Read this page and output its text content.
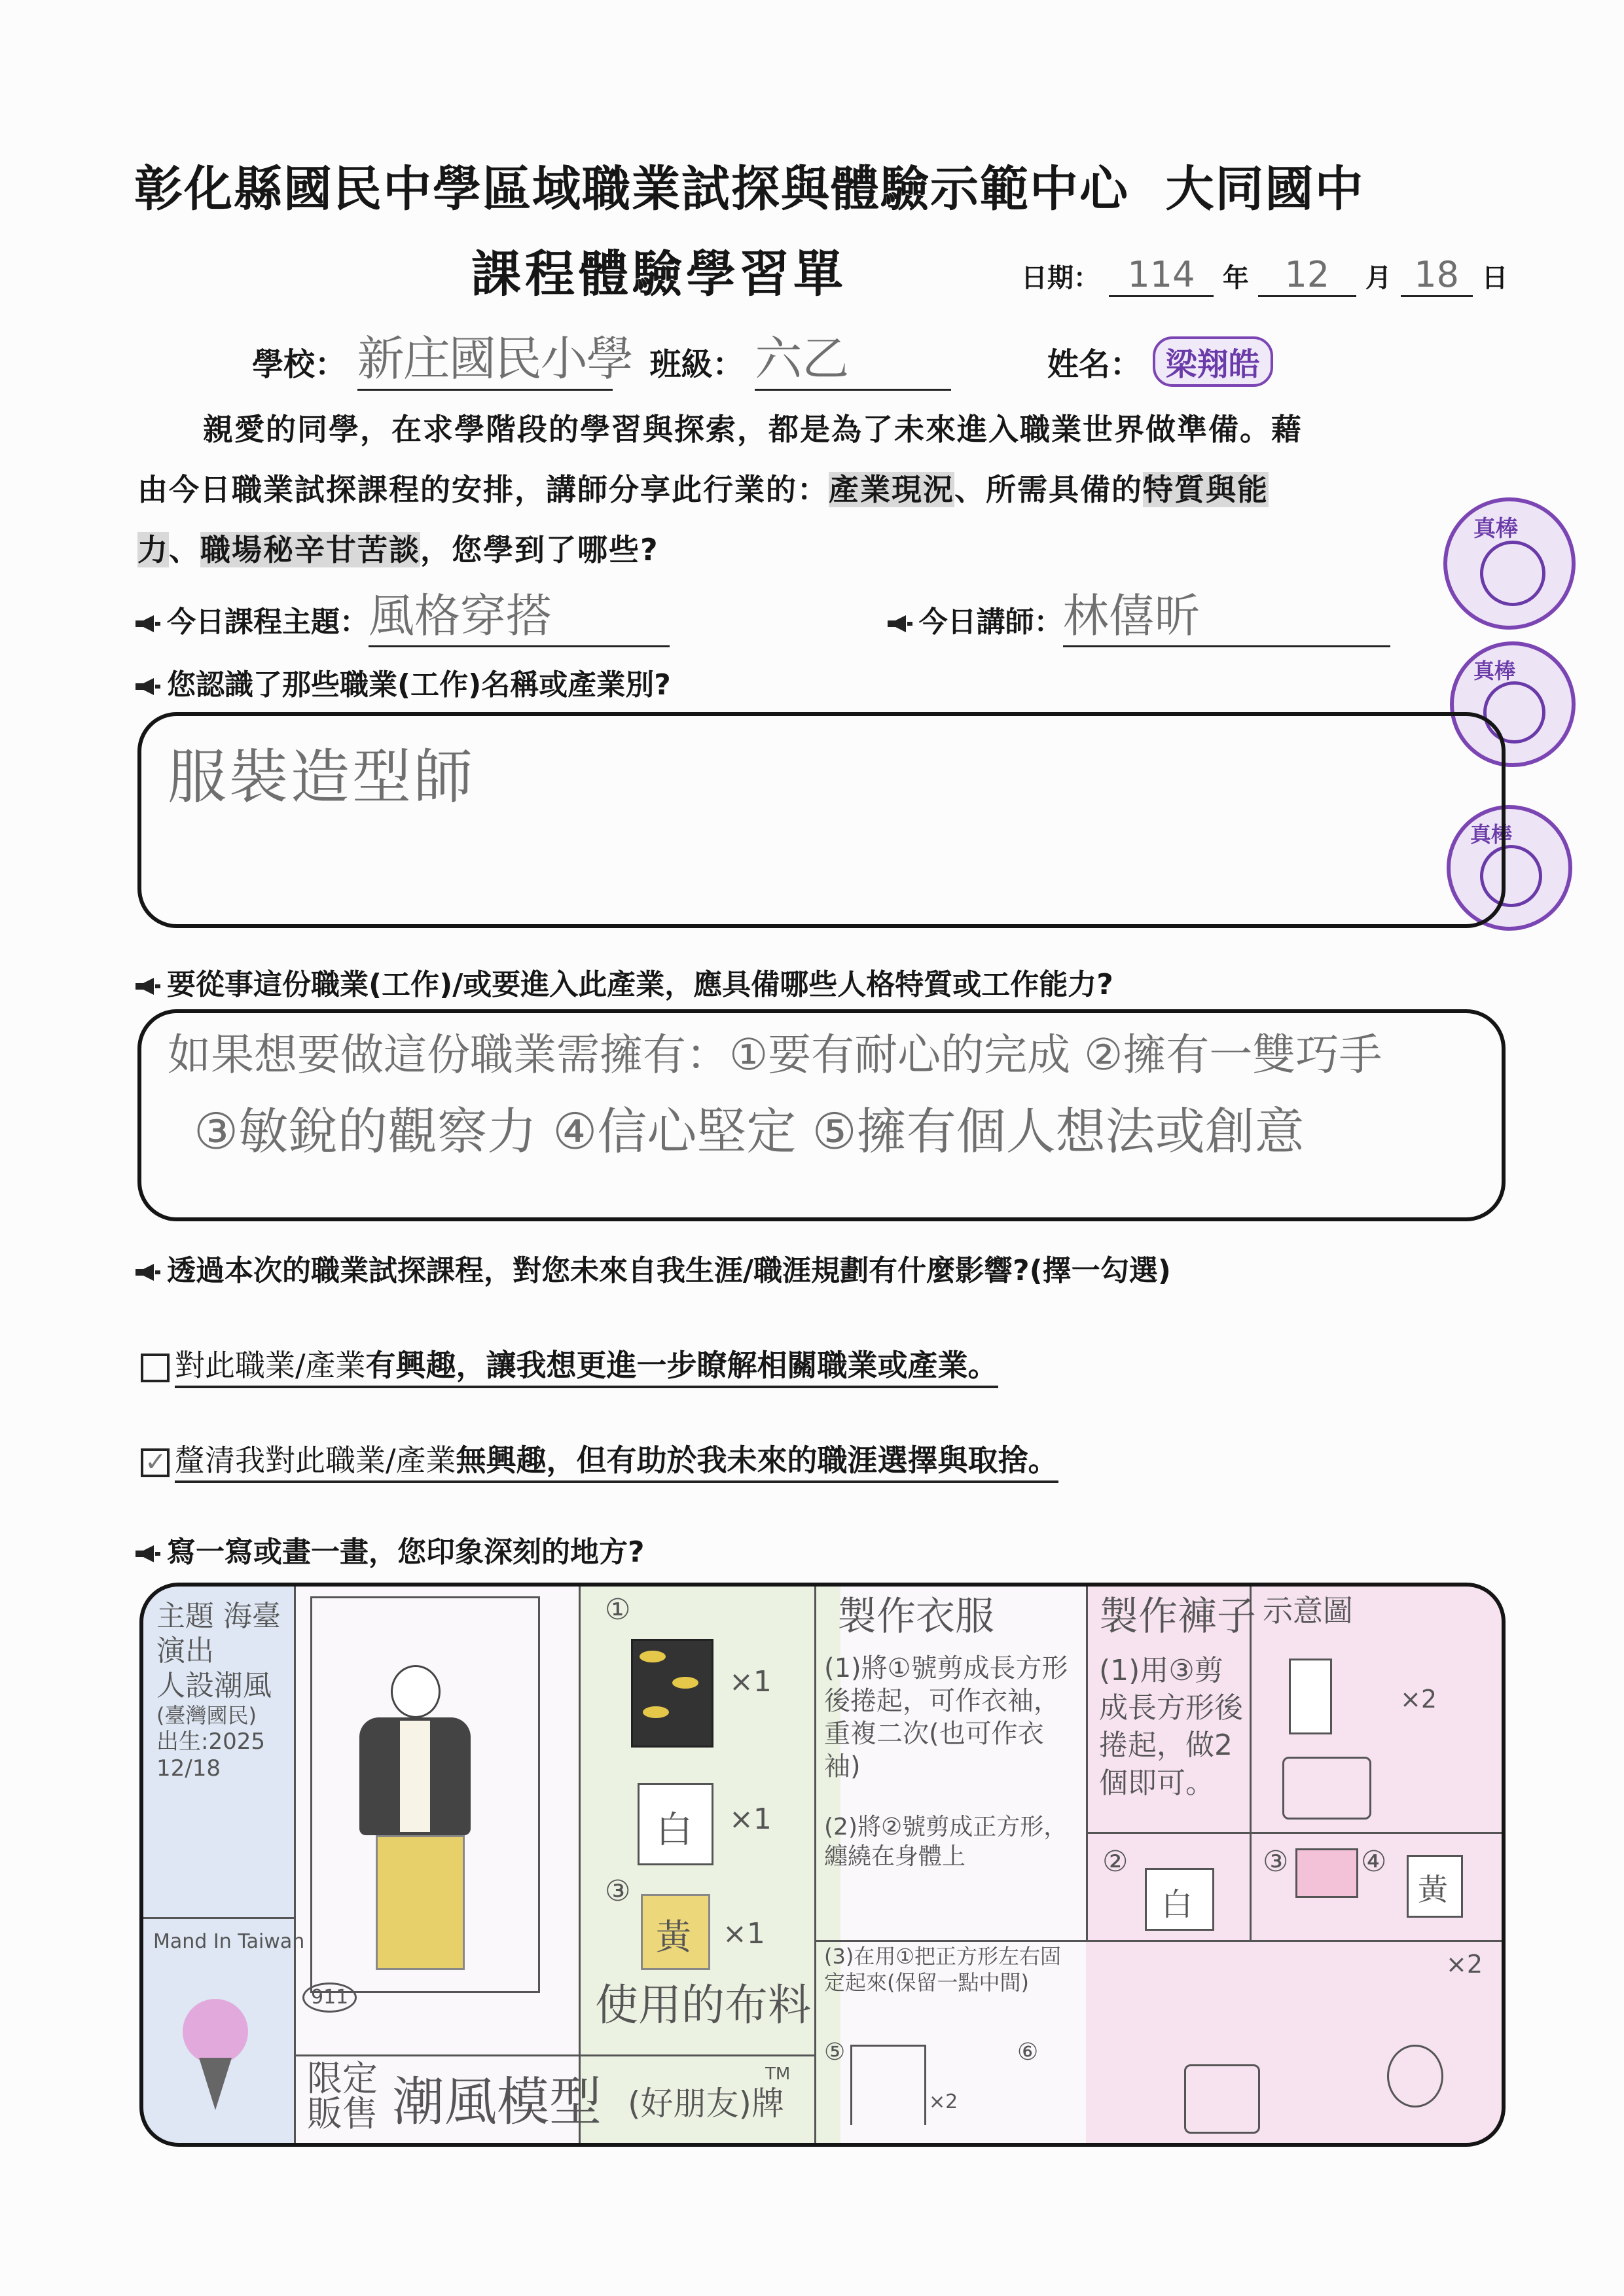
彰化縣國民中學區域職業試探與體驗示範中心  大同國中
課程體驗學習單	日期： 114 年 12 月 18 日
學校： 新庄國民小學 班級： 六乙	姓名： 梁翔皓
親愛的同學，在求學階段的學習與探索，都是為了未來進入職業世界做準備。藉
由今日職業試探課程的安排，講師分享此行業的：產業現況、所需具備的特質與能
力、職場秘辛甘苦談，您學到了哪些?
真棒
真棒
真棒
今日課程主題：風格穿搭	今日講師：林僖昕
您認識了那些職業(工作)名稱或產業別?
服裝造型師
要從事這份職業(工作)/或要進入此產業，應具備哪些人格特質或工作能力?
如果想要做這份職業需擁有：①要有耐心的完成 ②擁有一雙巧手
③敏銳的觀察力 ④信心堅定 ⑤擁有個人想法或創意
透過本次的職業試探課程，對您未來自我生涯/職涯規劃有什麼影響?(擇一勾選)
對此職業/產業有興趣，讓我想更進一步瞭解相關職業或產業。
✓ 釐清我對此職業/產業無興趣，但有助於我未來的職涯選擇與取捨。
寫一寫或畫一畫，您印象深刻的地方?
主題 海臺
演出
人設潮風
(臺灣國民)
出生:2025
12/18
Mand In Taiwan
911
限定
販售 潮風模型
①
×1
白 ×1
③
黃 ×1
使用的布料
(好朋友)牌
TM
製作衣服
(1)將①號剪成長方形後捲起，可作衣袖，重複二次(也可作衣袖)
(2)將②號剪成正方形，纏繞在身體上
(3)在用①把正方形左右固定起來(保留一點中間)
製作褲子
(1)用③剪成長方形後捲起，做2個即可。
示意圖
×2
②
白
③	④
黃
×2
⑤
×2
⑥
